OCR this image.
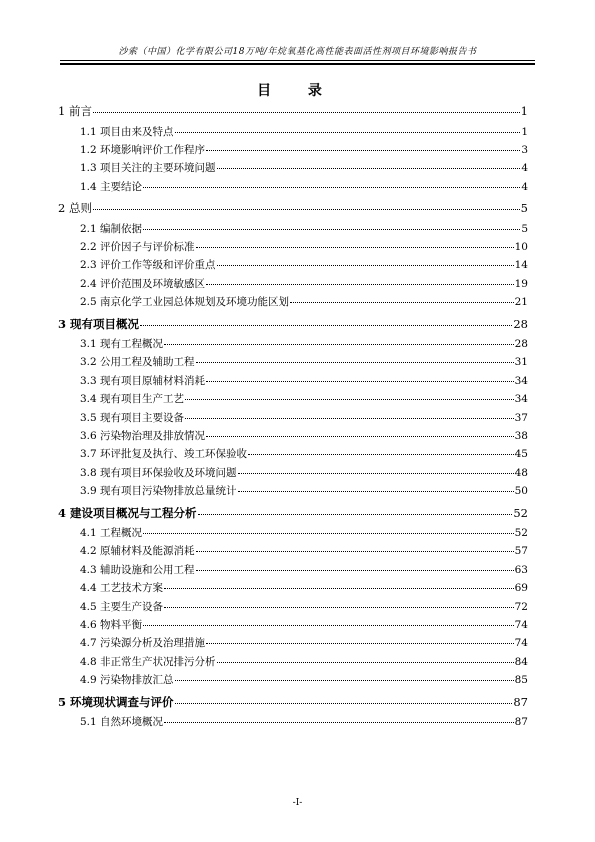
沙索（中国）化学有限公司18万吨/年烷氧基化高性能表面活性剂项目环境影响报告书
目 录
1 前言	1
1.1 项目由来及特点	1
1.2 环境影响评价工作程序	3
1.3 项目关注的主要环境问题	4
1.4 主要结论	4
2 总则	5
2.1 编制依据	5
2.2 评价因子与评价标准	10
2.3 评价工作等级和评价重点	14
2.4 评价范围及环境敏感区	19
2.5 南京化学工业园总体规划及环境功能区划	21
3 现有项目概况	28
3.1 现有工程概况	28
3.2 公用工程及辅助工程	31
3.3 现有项目原辅材料消耗	34
3.4 现有项目生产工艺	34
3.5 现有项目主要设备	37
3.6 污染物治理及排放情况	38
3.7 环评批复及执行、竣工环保验收	45
3.8 现有项目环保验收及环境问题	48
3.9 现有项目污染物排放总量统计	50
4 建设项目概况与工程分析	52
4.1 工程概况	52
4.2 原辅材料及能源消耗	57
4.3 辅助设施和公用工程	63
4.4 工艺技术方案	69
4.5 主要生产设备	72
4.6 物料平衡	74
4.7 污染源分析及治理措施	74
4.8 非正常生产状况排污分析	84
4.9 污染物排放汇总	85
5 环境现状调查与评价	87
5.1 自然环境概况	87
-I-
